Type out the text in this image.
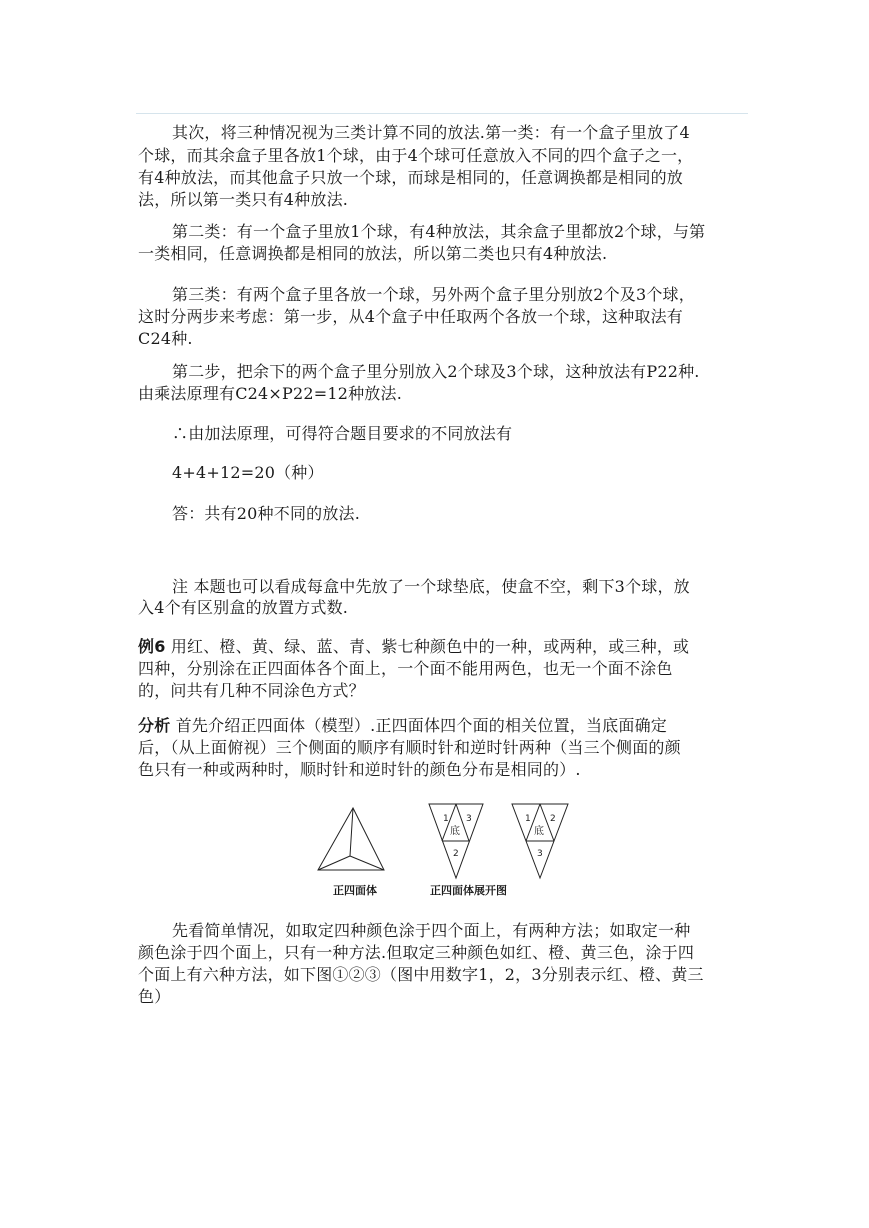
其次，将三种情况视为三类计算不同的放法.第一类：有一个盒子里放了4
个球，而其余盒子里各放1个球，由于4个球可任意放入不同的四个盒子之一，
有4种放法，而其他盒子只放一个球，而球是相同的，任意调换都是相同的放
法，所以第一类只有4种放法.
第二类：有一个盒子里放1个球，有4种放法，其余盒子里都放2个球，与第
一类相同，任意调换都是相同的放法，所以第二类也只有4种放法.
第三类：有两个盒子里各放一个球，另外两个盒子里分别放2个及3个球，
这时分两步来考虑：第一步，从4个盒子中任取两个各放一个球，这种取法有
C24种.
第二步，把余下的两个盒子里分别放入2个球及3个球，这种放法有P22种.
由乘法原理有C24×P22=12种放法.
∴由加法原理，可得符合题目要求的不同放法有
4+4+12=20（种）
答：共有20种不同的放法.
注 本题也可以看成每盒中先放了一个球垫底，使盒不空，剩下3个球，放
入4个有区别盒的放置方式数.
例6 用红、橙、黄、绿、蓝、青、紫七种颜色中的一种，或两种，或三种，或
四种，分别涂在正四面体各个面上，一个面不能用两色，也无一个面不涂色
的，问共有几种不同涂色方式？
分析 首先介绍正四面体（模型）.正四面体四个面的相关位置，当底面确定
后，（从上面俯视）三个侧面的顺序有顺时针和逆时针两种（当三个侧面的颜
色只有一种或两种时，顺时针和逆时针的颜色分布是相同的）.
1 3
底
2
1 2
底
3
正四面体	正四面体展开图
先看简单情况，如取定四种颜色涂于四个面上，有两种方法；如取定一种
颜色涂于四个面上，只有一种方法.但取定三种颜色如红、橙、黄三色，涂于四
个面上有六种方法，如下图①②③（图中用数字1，2，3分别表示红、橙、黄三
色）
